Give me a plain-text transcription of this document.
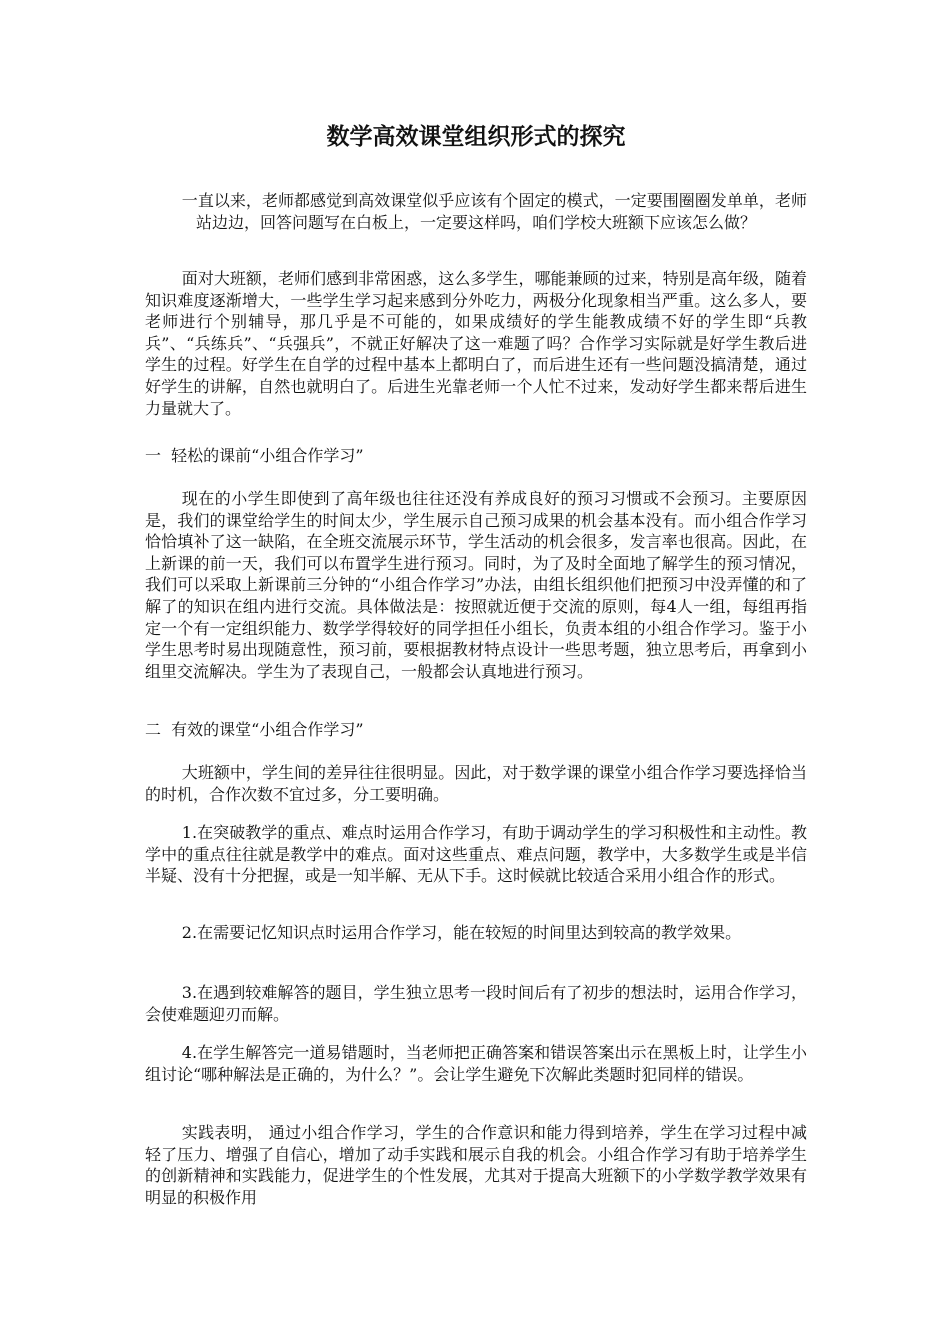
数学高效课堂组织形式的探究

一直以来，老师都感觉到高效课堂似乎应该有个固定的模式，一定要围圈圈发单单，老师站边边，回答问题写在白板上，一定要这样吗，咱们学校大班额下应该怎么做？

面对大班额，老师们感到非常困惑，这么多学生，哪能兼顾的过来，特别是高年级，随着知识难度逐渐增大，一些学生学习起来感到分外吃力，两极分化现象相当严重。这么多人，要老师进行个别辅导，那几乎是不可能的，如果成绩好的学生能教成绩不好的学生即“兵教兵”、“兵练兵”、“兵强兵”，不就正好解决了这一难题了吗？合作学习实际就是好学生教后进学生的过程。好学生在自学的过程中基本上都明白了，而后进生还有一些问题没搞清楚，通过好学生的讲解，自然也就明白了。后进生光靠老师一个人忙不过来，发动好学生都来帮后进生力量就大了。

一  轻松的课前“小组合作学习”

现在的小学生即使到了高年级也往往还没有养成良好的预习习惯或不会预习。主要原因是，我们的课堂给学生的时间太少，学生展示自己预习成果的机会基本没有。而小组合作学习恰恰填补了这一缺陷，在全班交流展示环节，学生活动的机会很多，发言率也很高。因此，在上新课的前一天，我们可以布置学生进行预习。同时，为了及时全面地了解学生的预习情况，我们可以采取上新课前三分钟的“小组合作学习”办法，由组长组织他们把预习中没弄懂的和了解了的知识在组内进行交流。具体做法是：按照就近便于交流的原则，每4人一组，每组再指定一个有一定组织能力、数学学得较好的同学担任小组长，负责本组的小组合作学习。鉴于小学生思考时易出现随意性，预习前，要根据教材特点设计一些思考题，独立思考后，再拿到小组里交流解决。学生为了表现自己，一般都会认真地进行预习。

二  有效的课堂“小组合作学习”

大班额中，学生间的差异往往很明显。因此，对于数学课的课堂小组合作学习要选择恰当的时机，合作次数不宜过多，分工要明确。

1.在突破教学的重点、难点时运用合作学习，有助于调动学生的学习积极性和主动性。教学中的重点往往就是教学中的难点。面对这些重点、难点问题，教学中，大多数学生或是半信半疑、没有十分把握，或是一知半解、无从下手。这时候就比较适合采用小组合作的形式。

2.在需要记忆知识点时运用合作学习，能在较短的时间里达到较高的教学效果。

3.在遇到较难解答的题目，学生独立思考一段时间后有了初步的想法时，运用合作学习，会使难题迎刃而解。

4.在学生解答完一道易错题时，当老师把正确答案和错误答案出示在黑板上时，让学生小组讨论“哪种解法是正确的，为什么？”。会让学生避免下次解此类题时犯同样的错误。

实践表明， 通过小组合作学习，学生的合作意识和能力得到培养，学生在学习过程中减轻了压力、增强了自信心，增加了动手实践和展示自我的机会。小组合作学习有助于培养学生的创新精神和实践能力，促进学生的个性发展，尤其对于提高大班额下的小学数学教学效果有明显的积极作用
